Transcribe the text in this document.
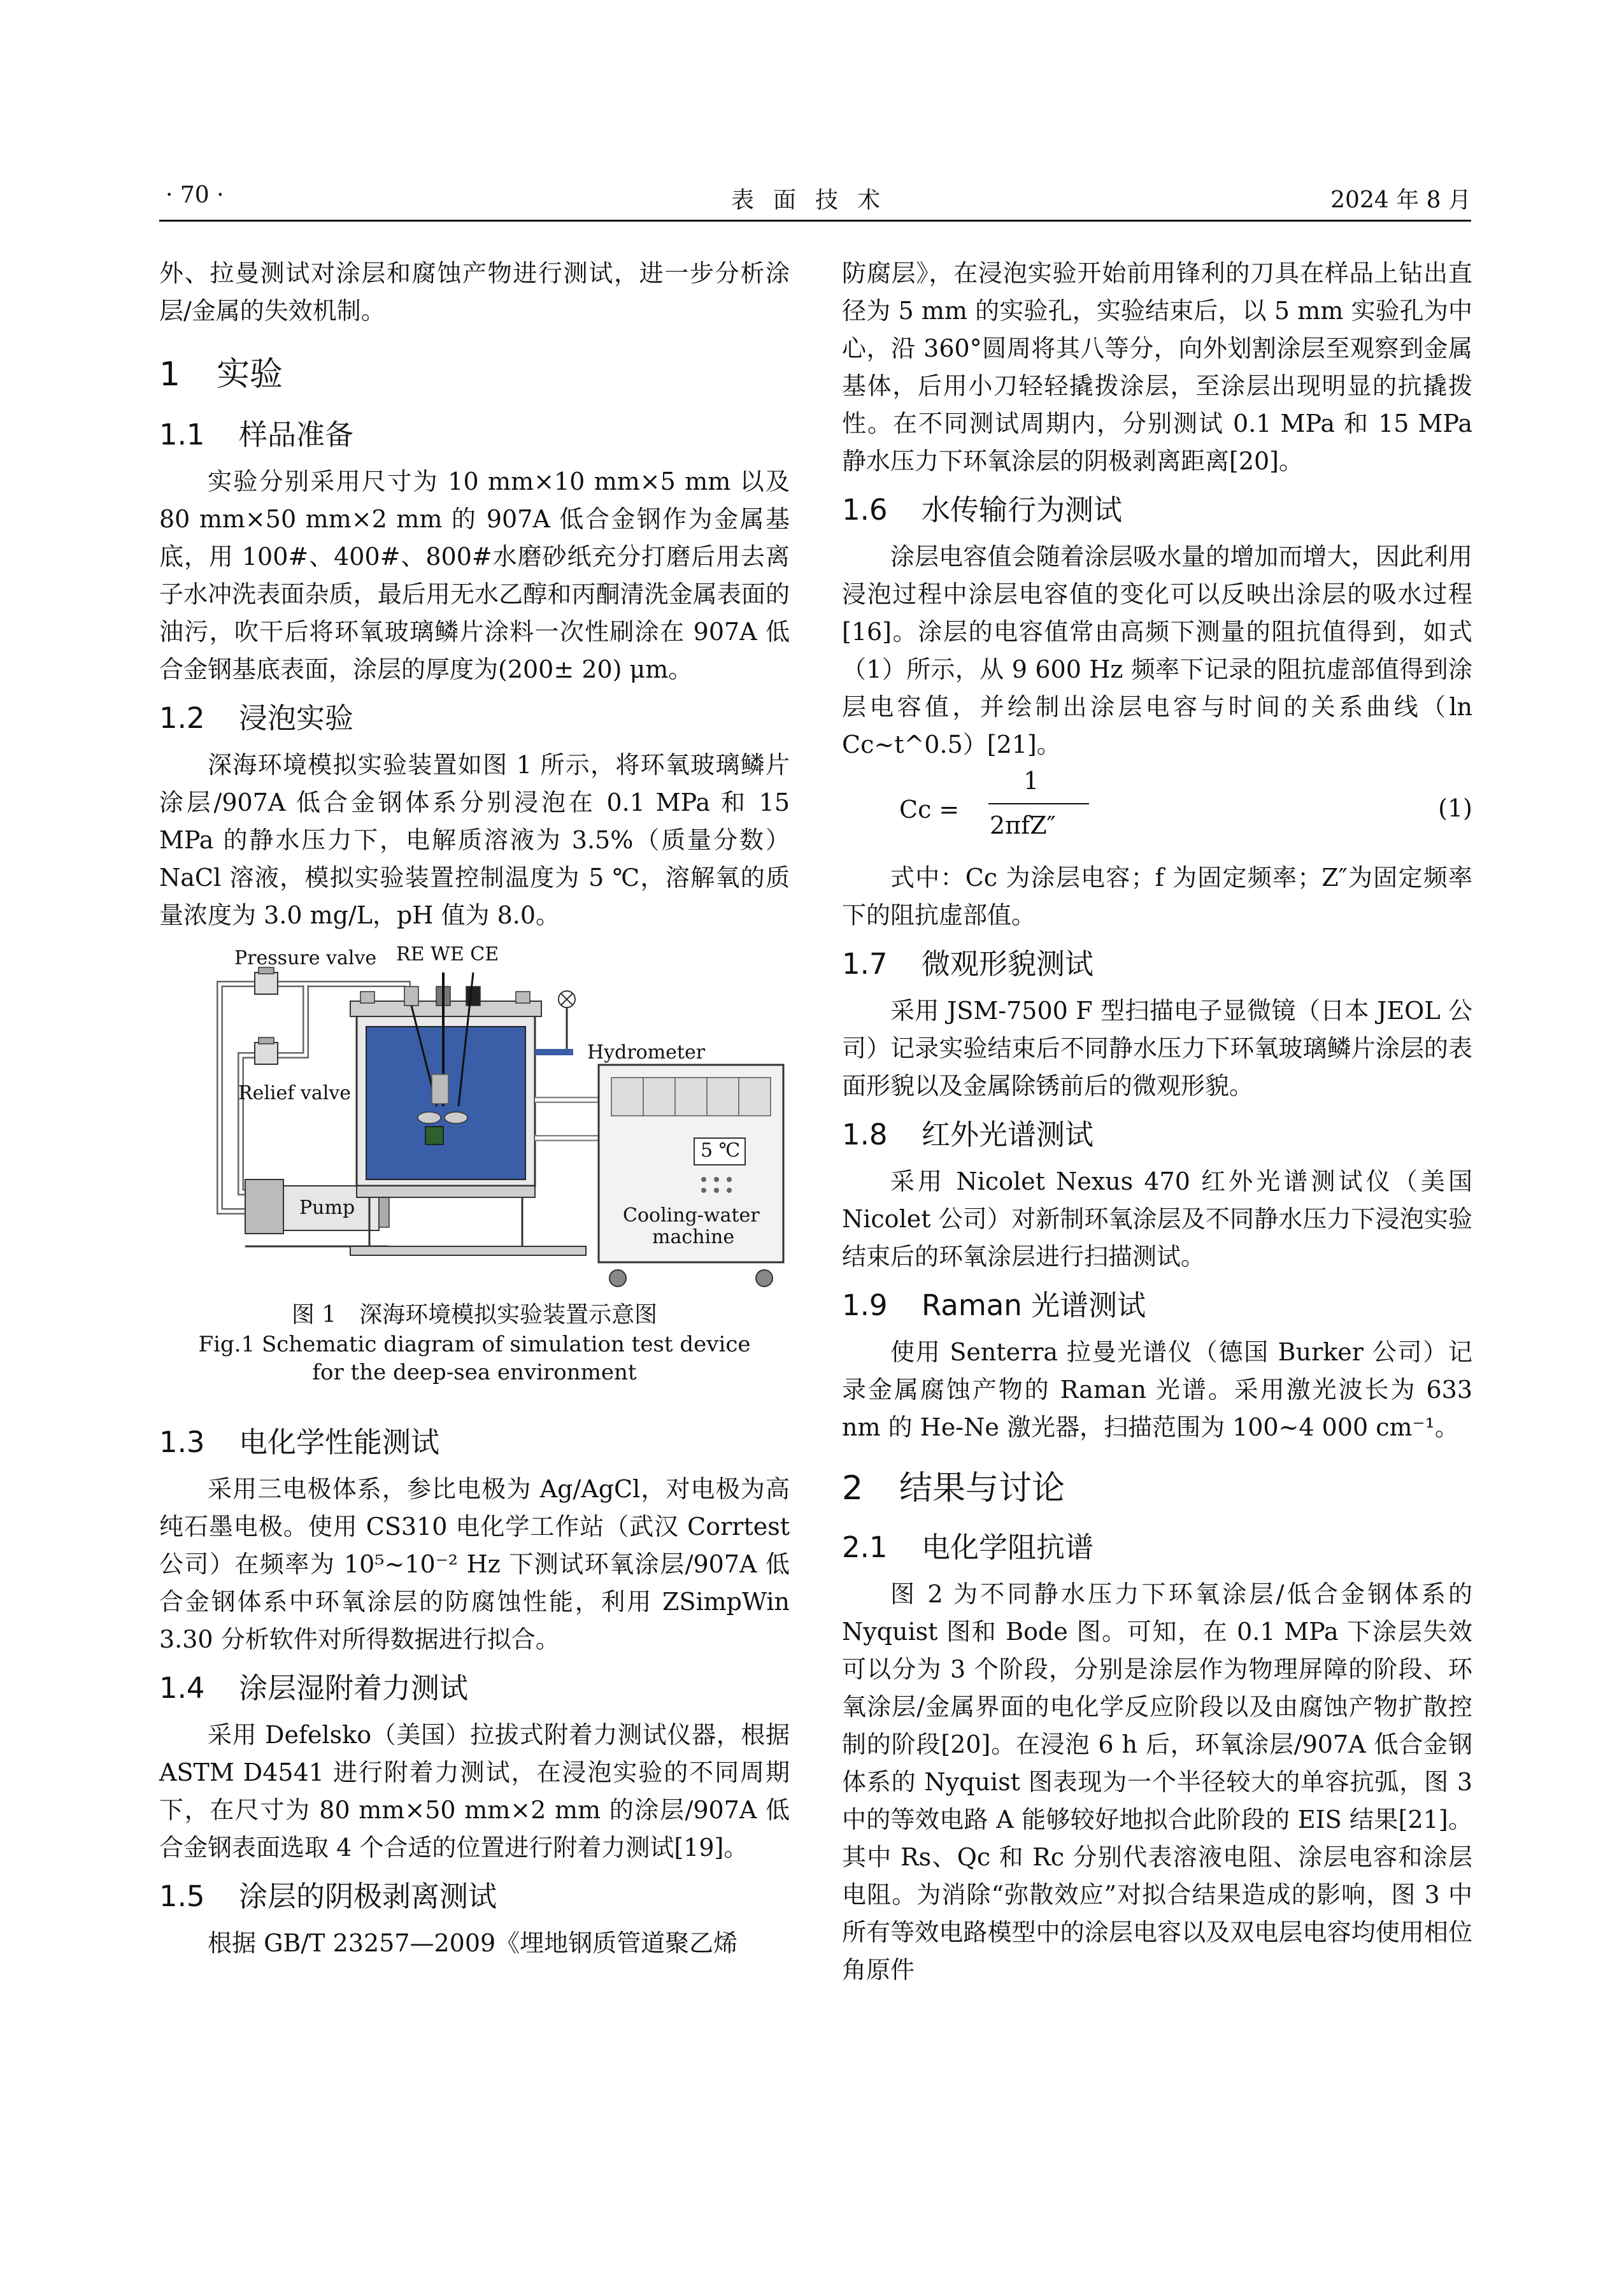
· 70 ·	表面技术	2024 年 8 月

外、拉曼测试对涂层和腐蚀产物进行测试，进一步分析涂层/金属的失效机制。

1 实验
1.1 样品准备

实验分别采用尺寸为 10 mm×10 mm×5 mm 以及 80 mm×50 mm×2 mm 的 907A 低合金钢作为金属基底，用 100#、400#、800#水磨砂纸充分打磨后用去离子水冲洗表面杂质，最后用无水乙醇和丙酮清洗金属表面的油污，吹干后将环氧玻璃鳞片涂料一次性刷涂在 907A 低合金钢基底表面，涂层的厚度为(200± 20) μm。

1.2 浸泡实验

深海环境模拟实验装置如图 1 所示，将环氧玻璃鳞片涂层/907A 低合金钢体系分别浸泡在 0.1 MPa 和 15 MPa 的静水压力下，电解质溶液为 3.5%（质量分数）NaCl 溶液，模拟实验装置控制温度为 5 ℃，溶解氧的质量浓度为 3.0 mg/L，pH 值为 8.0。

Pressure valve RE WE CE
Hydrometer
Relief valve
Pump
5 ℃
Cooling-water
machine
图 1　深海环境模拟实验装置示意图
Fig.1 Schematic diagram of simulation test device
for the deep-sea environment
1.3 电化学性能测试

采用三电极体系，参比电极为 Ag/AgCl，对电极为高纯石墨电极。使用 CS310 电化学工作站（武汉 Corrtest 公司）在频率为 10⁵~10⁻² Hz 下测试环氧涂层/907A 低合金钢体系中环氧涂层的防腐蚀性能，利用 ZSimpWin 3.30 分析软件对所得数据进行拟合。

1.4 涂层湿附着力测试

采用 Defelsko（美国）拉拔式附着力测试仪器，根据 ASTM D4541 进行附着力测试，在浸泡实验的不同周期下，在尺寸为 80 mm×50 mm×2 mm 的涂层/907A 低合金钢表面选取 4 个合适的位置进行附着力测试[19]。

1.5 涂层的阴极剥离测试

根据 GB/T 23257—2009《埋地钢质管道聚乙烯

防腐层》，在浸泡实验开始前用锋利的刀具在样品上钻出直径为 5 mm 的实验孔，实验结束后，以 5 mm 实验孔为中心，沿 360°圆周将其八等分，向外划割涂层至观察到金属基体，后用小刀轻轻撬拨涂层，至涂层出现明显的抗撬拨性。在不同测试周期内，分别测试 0.1 MPa 和 15 MPa 静水压力下环氧涂层的阴极剥离距离[20]。

1.6 水传输行为测试

涂层电容值会随着涂层吸水量的增加而增大，因此利用浸泡过程中涂层电容值的变化可以反映出涂层的吸水过程[16]。涂层的电容值常由高频下测量的阻抗值得到，如式（1）所示，从 9 600 Hz 频率下记录的阻抗虚部值得到涂层电容值，并绘制出涂层电容与时间的关系曲线（ln Cc~t^0.5）[21]。

Cc =
1
2πfZ″
(1)

式中：Cc 为涂层电容；f 为固定频率；Z″为固定频率下的阻抗虚部值。

1.7 微观形貌测试

采用 JSM-7500 F 型扫描电子显微镜（日本 JEOL 公司）记录实验结束后不同静水压力下环氧玻璃鳞片涂层的表面形貌以及金属除锈前后的微观形貌。

1.8 红外光谱测试

采用 Nicolet Nexus 470 红外光谱测试仪（美国 Nicolet 公司）对新制环氧涂层及不同静水压力下浸泡实验结束后的环氧涂层进行扫描测试。

1.9 Raman 光谱测试

使用 Senterra 拉曼光谱仪（德国 Burker 公司）记录金属腐蚀产物的 Raman 光谱。采用激光波长为 633 nm 的 He-Ne 激光器，扫描范围为 100~4 000 cm⁻¹。

2 结果与讨论
2.1 电化学阻抗谱

图 2 为不同静水压力下环氧涂层/低合金钢体系的 Nyquist 图和 Bode 图。可知，在 0.1 MPa 下涂层失效可以分为 3 个阶段，分别是涂层作为物理屏障的阶段、环氧涂层/金属界面的电化学反应阶段以及由腐蚀产物扩散控制的阶段[20]。在浸泡 6 h 后，环氧涂层/907A 低合金钢体系的 Nyquist 图表现为一个半径较大的单容抗弧，图 3 中的等效电路 A 能够较好地拟合此阶段的 EIS 结果[21]。其中 Rs、Qc 和 Rc 分别代表溶液电阻、涂层电容和涂层电阻。为消除“弥散效应”对拟合结果造成的影响，图 3 中所有等效电路模型中的涂层电容以及双电层电容均使用相位角原件
